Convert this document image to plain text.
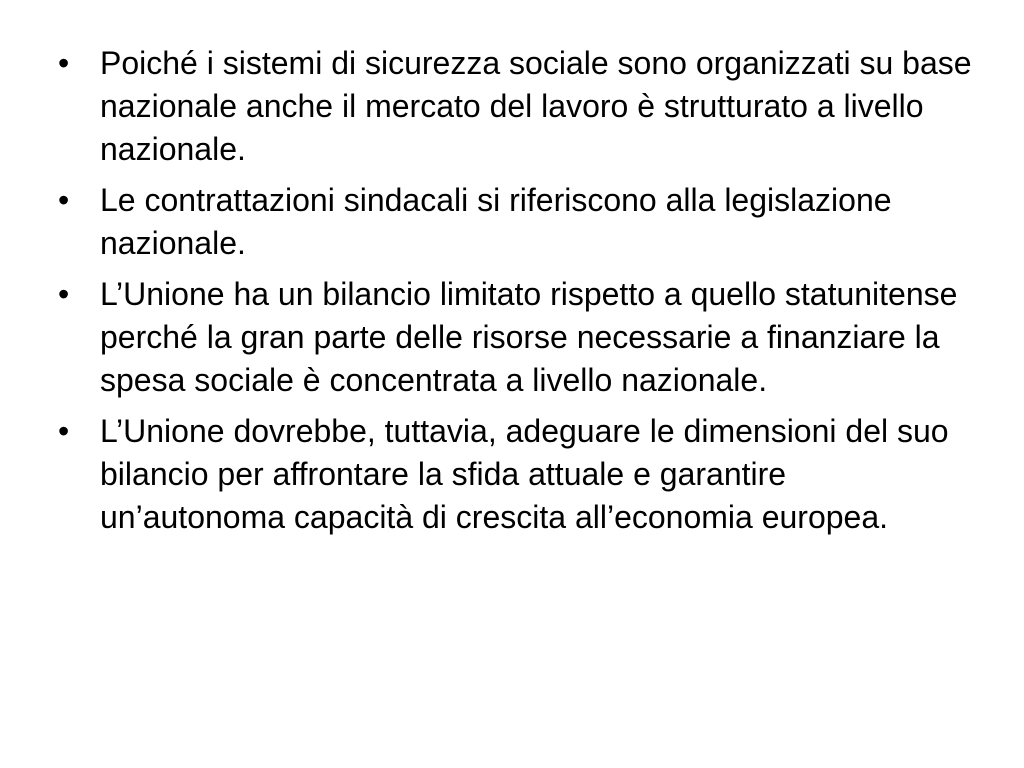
• Poiché i sistemi di sicurezza sociale sono organizzati su base nazionale anche il mercato del lavoro è strutturato a livello nazionale.
• Le contrattazioni sindacali si riferiscono alla legislazione nazionale.
• L’Unione ha un bilancio limitato rispetto a quello statunitense perché la gran parte delle risorse necessarie a finanziare la spesa sociale è concentrata a livello nazionale.
• L’Unione dovrebbe, tuttavia, adeguare le dimensioni del suo bilancio per affrontare la sfida attuale e garantire un’autonoma capacità di crescita all’economia europea.
